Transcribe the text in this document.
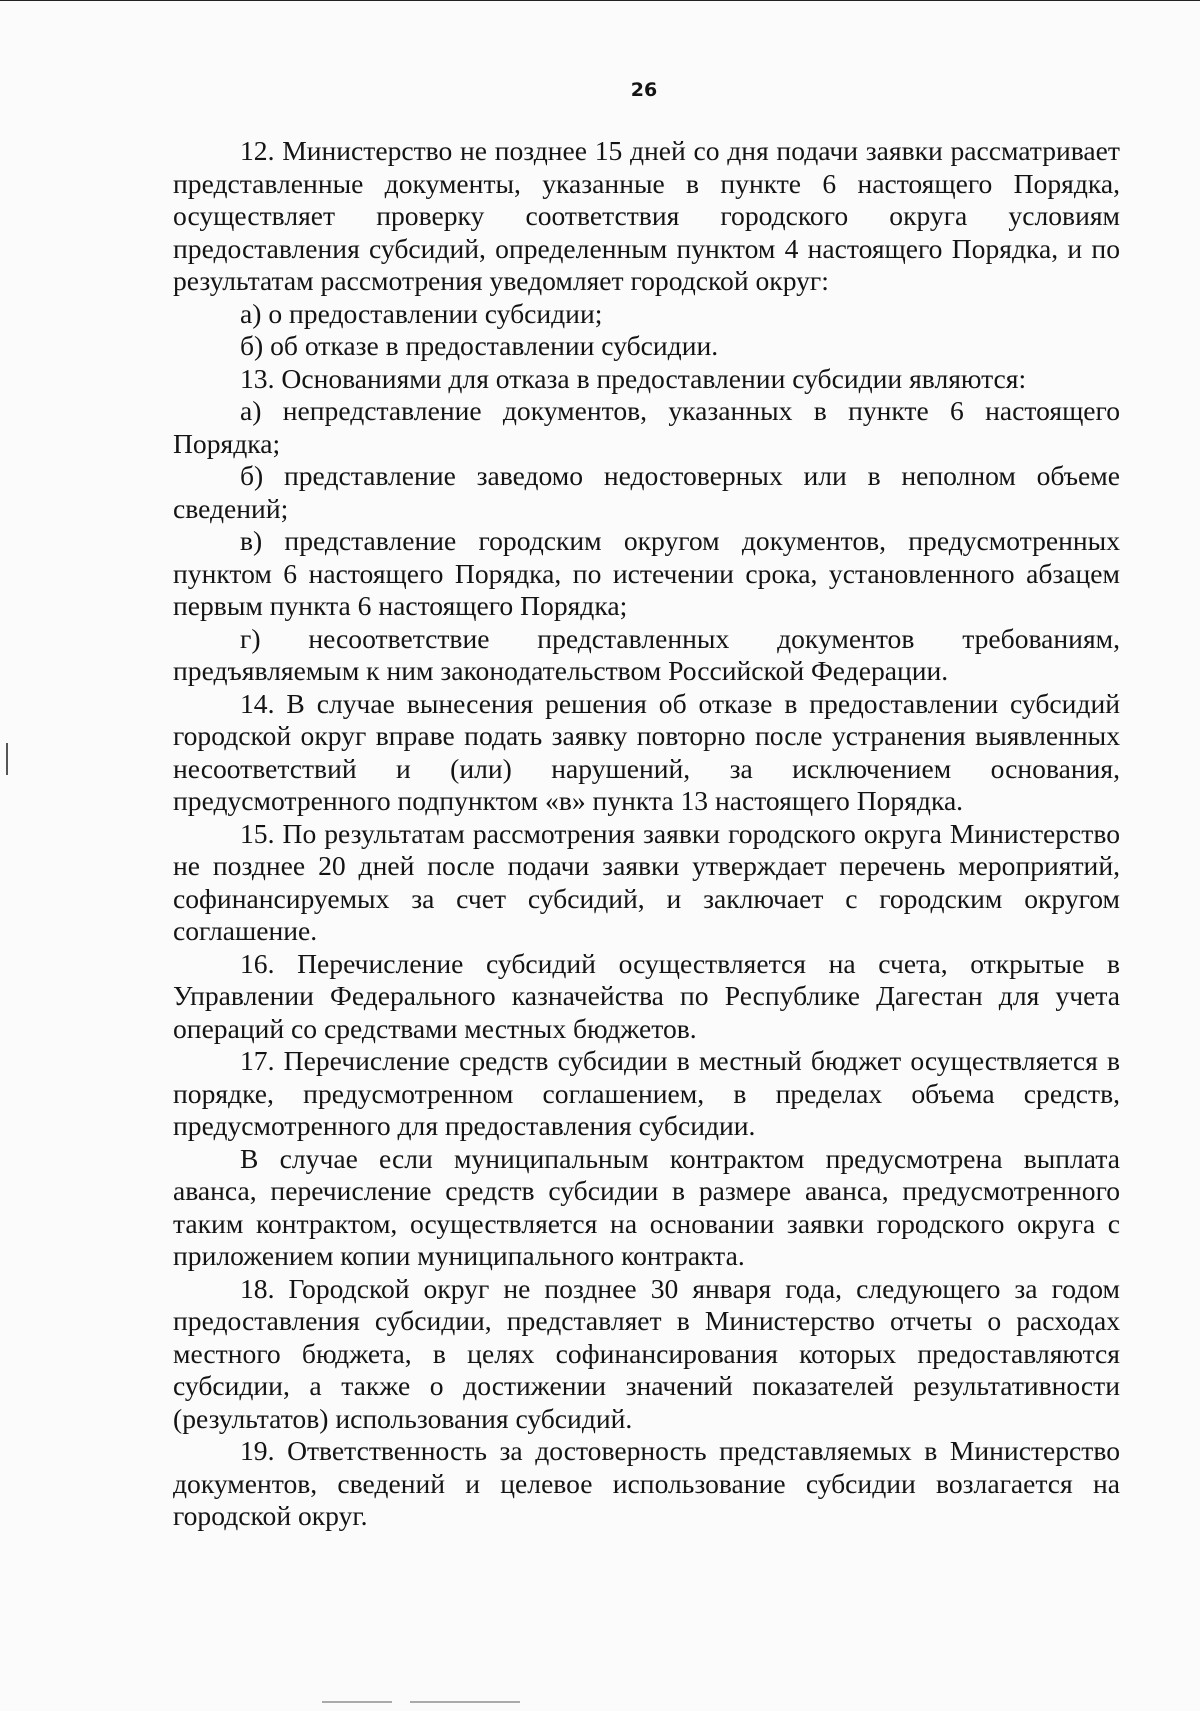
26

12. Министерство не позднее 15 дней со дня подачи заявки рассматривает представленные документы, указанные в пункте 6 настоящего Порядка, осуществляет проверку соответствия городского округа условиям предоставления субсидий, определенным пунктом 4 настоящего Порядка, и по результатам рассмотрения уведомляет городской округ:

а) о предоставлении субсидии;

б) об отказе в предоставлении субсидии.

13. Основаниями для отказа в предоставлении субсидии являются:

а) непредставление документов, указанных в пункте 6 настоящего Порядка;

б) представление заведомо недостоверных или в неполном объеме сведений;

в) представление городским округом документов, предусмотренных пунктом 6 настоящего Порядка, по истечении срока, установленного абзацем первым пункта 6 настоящего Порядка;

г) несоответствие представленных документов требованиям, предъявляемым к ним законодательством Российской Федерации.

14. В случае вынесения решения об отказе в предоставлении субсидий городской округ вправе подать заявку повторно после устранения выявленных несоответствий и (или) нарушений, за исключением основания, предусмотренного подпунктом «в» пункта 13 настоящего Порядка.

15. По результатам рассмотрения заявки городского округа Министерство не позднее 20 дней после подачи заявки утверждает перечень мероприятий, софинансируемых за счет субсидий, и заключает с городским округом соглашение.

16. Перечисление субсидий осуществляется на счета, открытые в Управлении Федерального казначейства по Республике Дагестан для учета операций со средствами местных бюджетов.

17. Перечисление средств субсидии в местный бюджет осуществляется в порядке, предусмотренном соглашением, в пределах объема средств, предусмотренного для предоставления субсидии.

В случае если муниципальным контрактом предусмотрена выплата аванса, перечисление средств субсидии в размере аванса, предусмотренного таким контрактом, осуществляется на основании заявки городского округа с приложением копии муниципального контракта.

18. Городской округ не позднее 30 января года, следующего за годом предоставления субсидии, представляет в Министерство отчеты о расходах местного бюджета, в целях софинансирования которых предоставляются субсидии, а также о достижении значений показателей результативности (результатов) использования субсидий.

19. Ответственность за достоверность представляемых в Министерство документов, сведений и целевое использование субсидии возлагается на городской округ.
